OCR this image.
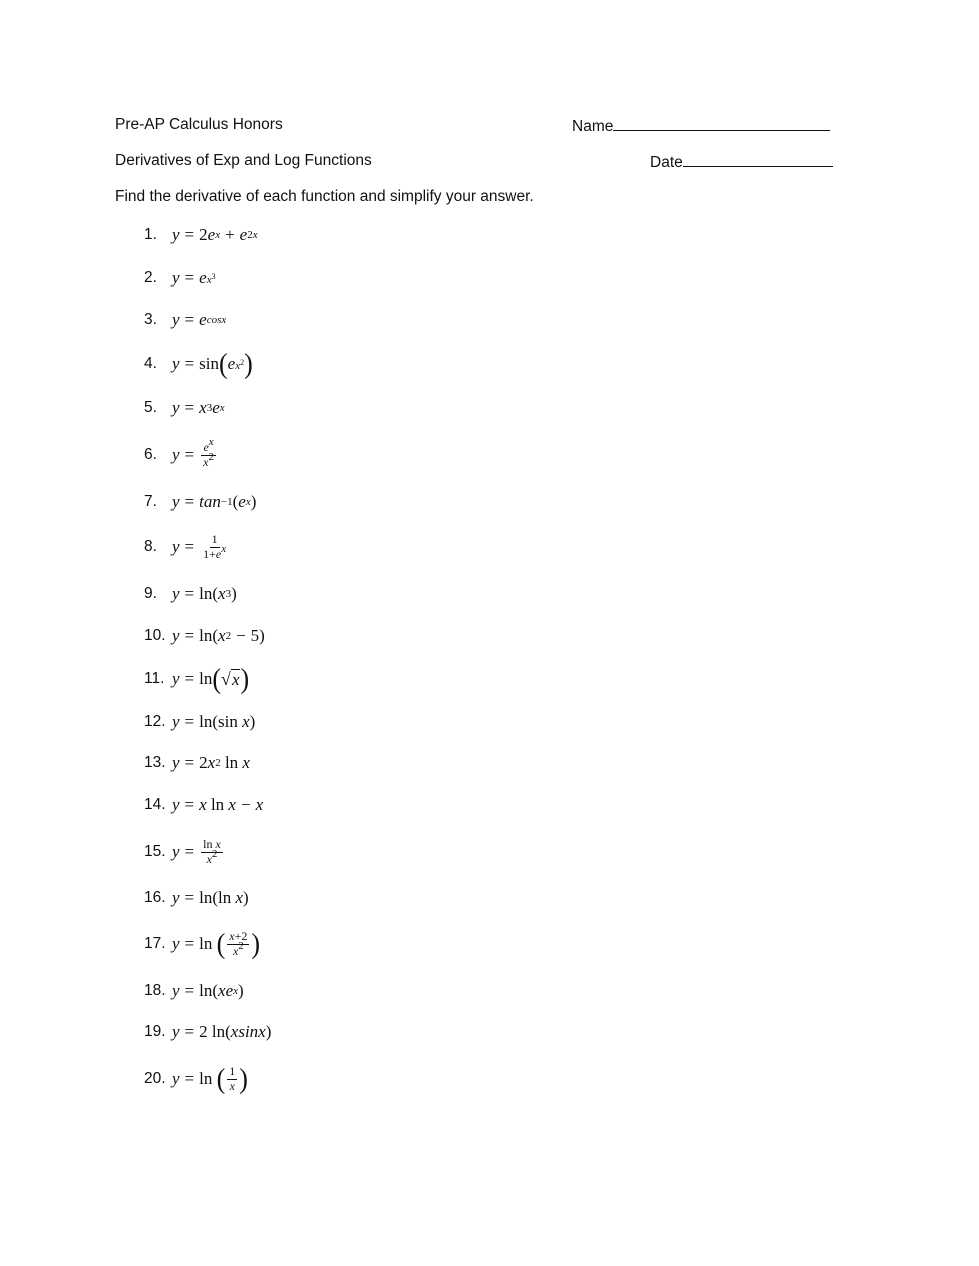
Pre-AP Calculus Honors	Name
Derivatives of Exp and Log Functions	Date
Find the derivative of each function and simplify your answer.
1. y = 2 e x + e 2x
2. y = e $x^3$
3. y = e cosx
4. y = sin ( e $x^2$ )
5. y = x 3 e x
6. $y = \frac{e^x}{x^2}$
7. y = tan −1 ( e x )
8. $y = \frac{1}{1+e^x}$
9. y = ln( x 3 )
10. y = ln( x 2 − 5)
11. y = ln ( √ x )
12. y = ln(sin x )
13. y = 2 x 2 ln x
14. y = x ln x − x
15. $y = \frac{\text{ln x}}{x^2}$
16. y = ln(ln x )
17. y = ln ( $\frac{x+2}{x^2}$ )
18. y = ln( xe x )
19. y = 2 ln( xsinx )
20. y = ln ( $\frac{1}{x}$ )
